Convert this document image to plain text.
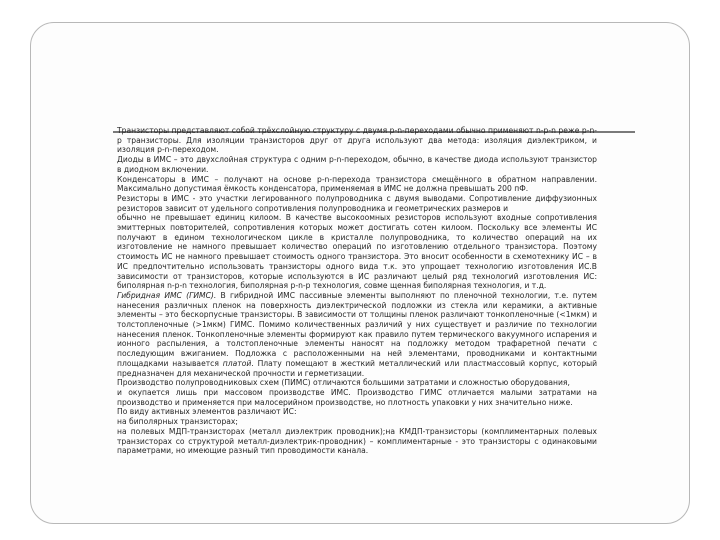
Транзисторы представляют собой трёхслойную структуру с двумя p-n-переходами обычно применяют n-p-n реже p-n- p транзисторы. Для изоляции транзисторов друг от друга используют два метода: изоляция диэлектриком, и изоляция p-n-переходом.

Диоды в ИМС – это двухслойная структура с одним p-n-переходом, обычно, в качестве диода используют транзистор в диодном включении.

Конденсаторы в ИМС – получают на основе p-n-перехода транзистора смещённого в обратном направлении. Максимально допустимая ёмкость конденсатора, применяемая в ИМС не должна превышать 200 пФ.

Резисторы в ИМС - это участки легированного полупроводника с двумя выводами. Сопротивление диффузионных резисторов зависит от удельного сопротивления полупроводника и геометрических размеров и

обычно не превышает единиц килоом. В качестве высокоомных резисторов используют входные сопротивления эмиттерных повторителей, сопротивления которых может достигать сотен килоом. Поскольку все элементы ИС получают в едином технологическом цикле в кристалле полупроводника, то количество операций на их изготовление не намного превышает количество операций по изготовлению отдельного транзистора. Поэтому стоимость ИС не намного превышает стоимость одного транзистора. Это вносит особенности в схемотехнику ИС – в ИС предпочтительно использовать транзисторы одного вида т.к. это упрощает технологию изготовления ИС.В зависимости от транзисторов, которые используются в ИС различают целый ряд технологий изготовления ИС: биполярная n-p-n технология, биполярная p-n-p технология, совме щенная биполярная технология, и т.д.

Гибридная ИМС (ГИМС). В гибридной ИМС пассивные элементы выполняют по пленочной технологии, т.е. путем нанесения различных пленок на поверхность диэлектрической подложки из стекла или керамики, а активные элементы – это бескорпусные транзисторы. В зависимости от толщины пленок различают тонкопленочные (<1мкм) и толстопленочные (>1мкм) ГИМС. Помимо количественных различий у них существует и различие по технологии нанесения пленок. Тонкопленочные элементы формируют как правило путем термического вакуумного испарения и ионного распыления, а толстопленочные элементы наносят на подложку методом трафаретной печати с последующим вжиганием. Подложка с расположенными на ней элементами, проводниками и контактными площадками называется платой. Плату помещают в жесткий металлический или пластмассовый корпус, который предназначен для механической прочности и герметизации.

Производство полупроводниковых схем (ПИМС) отличаются большими затратами и сложностью оборудования,

и окупается лишь при массовом производстве ИМС. Производство ГИМС отличается малыми затратами на производство и применяется при малосерийном производстве, но плотность упаковки у них значительно ниже.

По виду активных элементов различают ИС:

на биполярных транзисторах;

на полевых МДП-транзисторах (металл диэлектрик проводник);на КМДП-транзисторы (комплиментарных полевых транзисторах со структурой металл-диэлектрик-проводник) – комплиментарные - это транзисторы с одинаковыми параметрами, но имеющие разный тип проводимости канала.
